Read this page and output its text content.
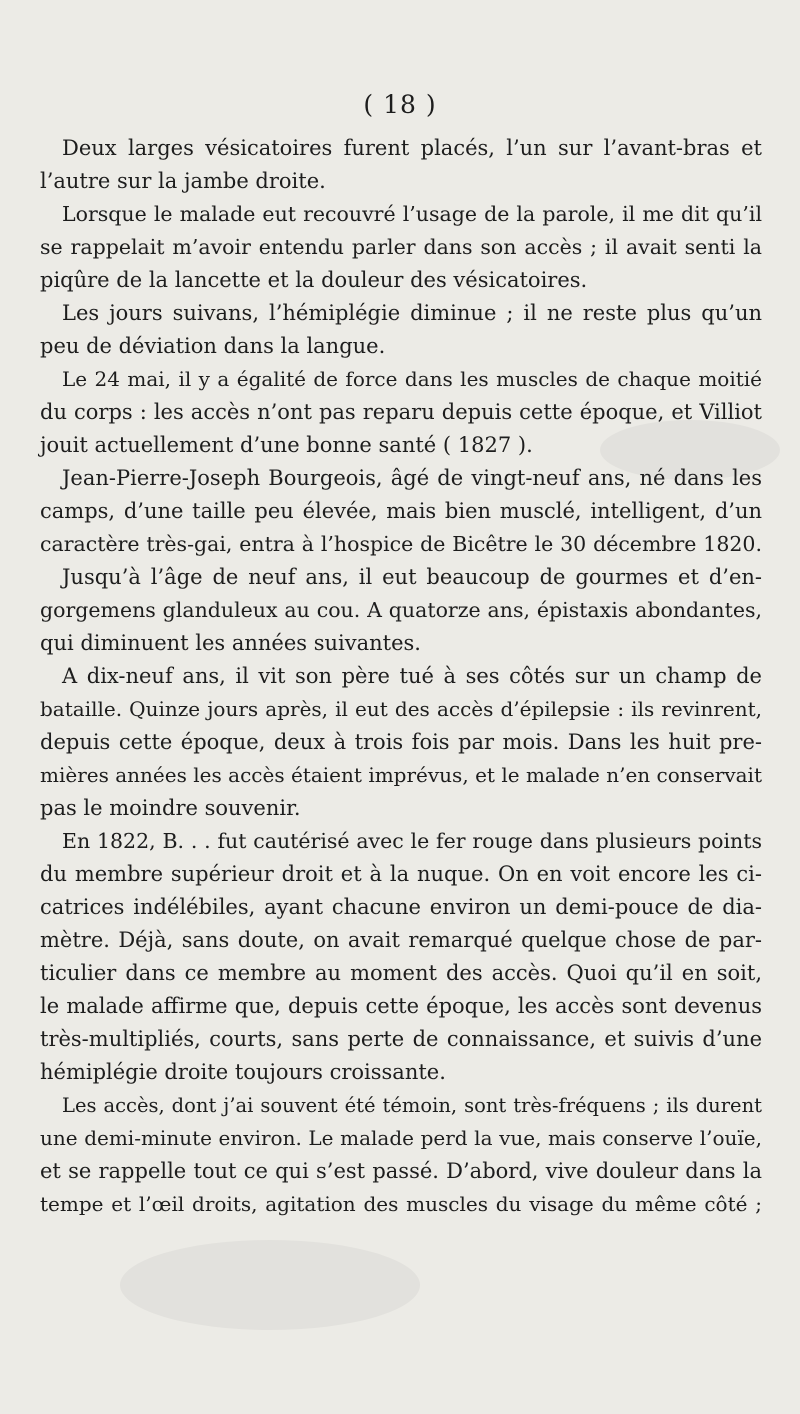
( 18 )
Deux larges vésicatoires furent placés, l’un sur l’avant-bras et
l’autre sur la jambe droite.
Lorsque le malade eut recouvré l’usage de la parole, il me dit qu’il
se rappelait m’avoir entendu parler dans son accès ; il avait senti la
piqûre de la lancette et la douleur des vésicatoires.
Les jours suivans, l’hémiplégie diminue ; il ne reste plus qu’un
peu de déviation dans la langue.
Le 24 mai, il y a égalité de force dans les muscles de chaque moitié
du corps : les accès n’ont pas reparu depuis cette époque, et Villiot
jouit actuellement d’une bonne santé ( 1827 ).
Jean-Pierre-Joseph Bourgeois, âgé de vingt-neuf ans, né dans les
camps, d’une taille peu élevée, mais bien musclé, intelligent, d’un
caractère très-gai, entra à l’hospice de Bicêtre le 30 décembre 1820.
Jusqu’à l’âge de neuf ans, il eut beaucoup de gourmes et d’en-
gorgemens glanduleux au cou. A quatorze ans, épistaxis abondantes,
qui diminuent les années suivantes.
A dix-neuf ans, il vit son père tué à ses côtés sur un champ de
bataille. Quinze jours après, il eut des accès d’épilepsie : ils revinrent,
depuis cette époque, deux à trois fois par mois. Dans les huit pre-
mières années les accès étaient imprévus, et le malade n’en conservait
pas le moindre souvenir.
En 1822, B. . . fut cautérisé avec le fer rouge dans plusieurs points
du membre supérieur droit et à la nuque. On en voit encore les ci-
catrices indélébiles, ayant chacune environ un demi-pouce de dia-
mètre. Déjà, sans doute, on avait remarqué quelque chose de par-
ticulier dans ce membre au moment des accès. Quoi qu’il en soit,
le malade affirme que, depuis cette époque, les accès sont devenus
très-multipliés, courts, sans perte de connaissance, et suivis d’une
hémiplégie droite toujours croissante.
Les accès, dont j’ai souvent été témoin, sont très-fréquens ; ils durent
une demi-minute environ. Le malade perd la vue, mais conserve l’ouïe,
et se rappelle tout ce qui s’est passé. D’abord, vive douleur dans la
tempe et l’œil droits, agitation des muscles du visage du même côté ;
